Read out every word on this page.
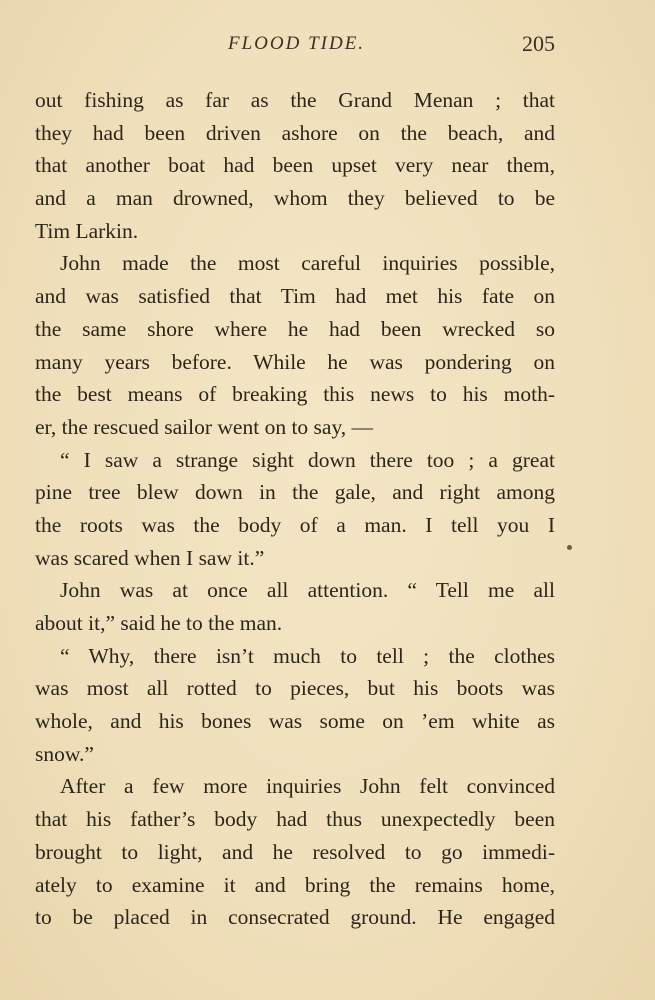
FLOOD TIDE.	205
out fishing as far as the Grand Menan ; that
they had been driven ashore on the beach, and
that another boat had been upset very near them,
and a man drowned, whom they believed to be
Tim Larkin.
John made the most careful inquiries possible,
and was satisfied that Tim had met his fate on
the same shore where he had been wrecked so
many years before. While he was pondering on
the best means of breaking this news to his moth-
er, the rescued sailor went on to say, —
“ I saw a strange sight down there too ; a great
pine tree blew down in the gale, and right among
the roots was the body of a man. I tell you I
was scared when I saw it.”
John was at once all attention. “ Tell me all
about it,” said he to the man.
“ Why, there isn’t much to tell ; the clothes
was most all rotted to pieces, but his boots was
whole, and his bones was some on ’em white as
snow.”
After a few more inquiries John felt convinced
that his father’s body had thus unexpectedly been
brought to light, and he resolved to go immedi-
ately to examine it and bring the remains home,
to be placed in consecrated ground. He engaged
